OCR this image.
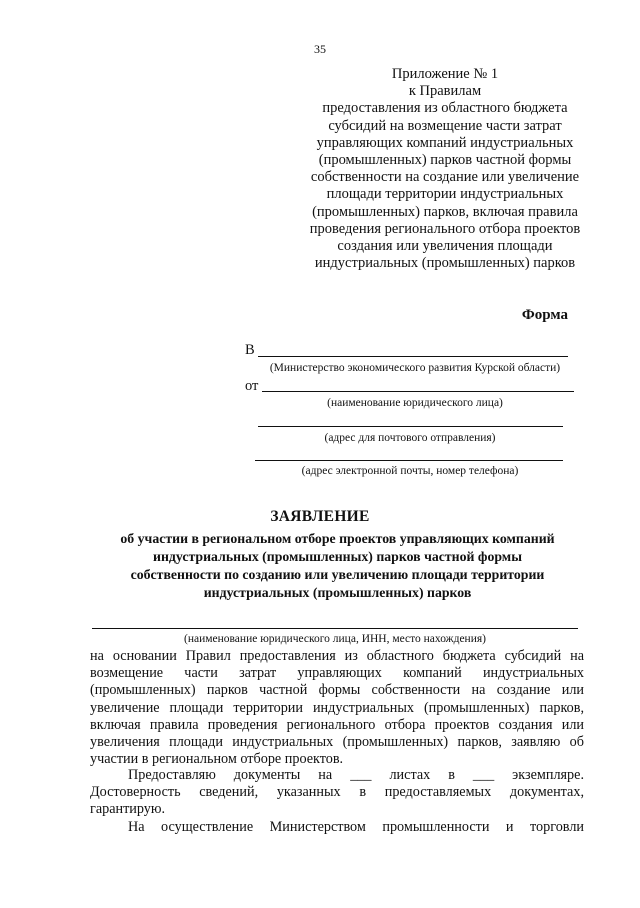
35
Приложение № 1
к Правилам
предоставления из областного бюджета
субсидий на возмещение части затрат
управляющих компаний индустриальных
(промышленных) парков частной формы
собственности на создание или увеличение
площади территории индустриальных
(промышленных) парков, включая правила
проведения регионального отбора проектов
создания или увеличения площади
индустриальных (промышленных) парков
Форма
В
(Министерство экономического развития Курской области)
от
(наименование юридического лица)
(адрес для почтового отправления)
(адрес электронной почты, номер телефона)
ЗАЯВЛЕНИЕ
об участии в региональном отборе проектов управляющих компаний
индустриальных (промышленных) парков частной формы
собственности по созданию или увеличению площади территории
индустриальных (промышленных) парков
(наименование юридического лица, ИНН, место нахождения)
на основании Правил предоставления из областного бюджета субсидий на
возмещение части затрат управляющих компаний индустриальных
(промышленных) парков частной формы собственности на создание или
увеличение площади территории индустриальных (промышленных) парков,
включая правила проведения регионального отбора проектов создания или
увеличения площади индустриальных (промышленных) парков, заявляю об
участии в региональном отборе проектов.
Предоставляю документы на ___ листах в ___ экземпляре.
Достоверность сведений, указанных в предоставляемых документах,
гарантирую.
На осуществление Министерством промышленности и торговли
